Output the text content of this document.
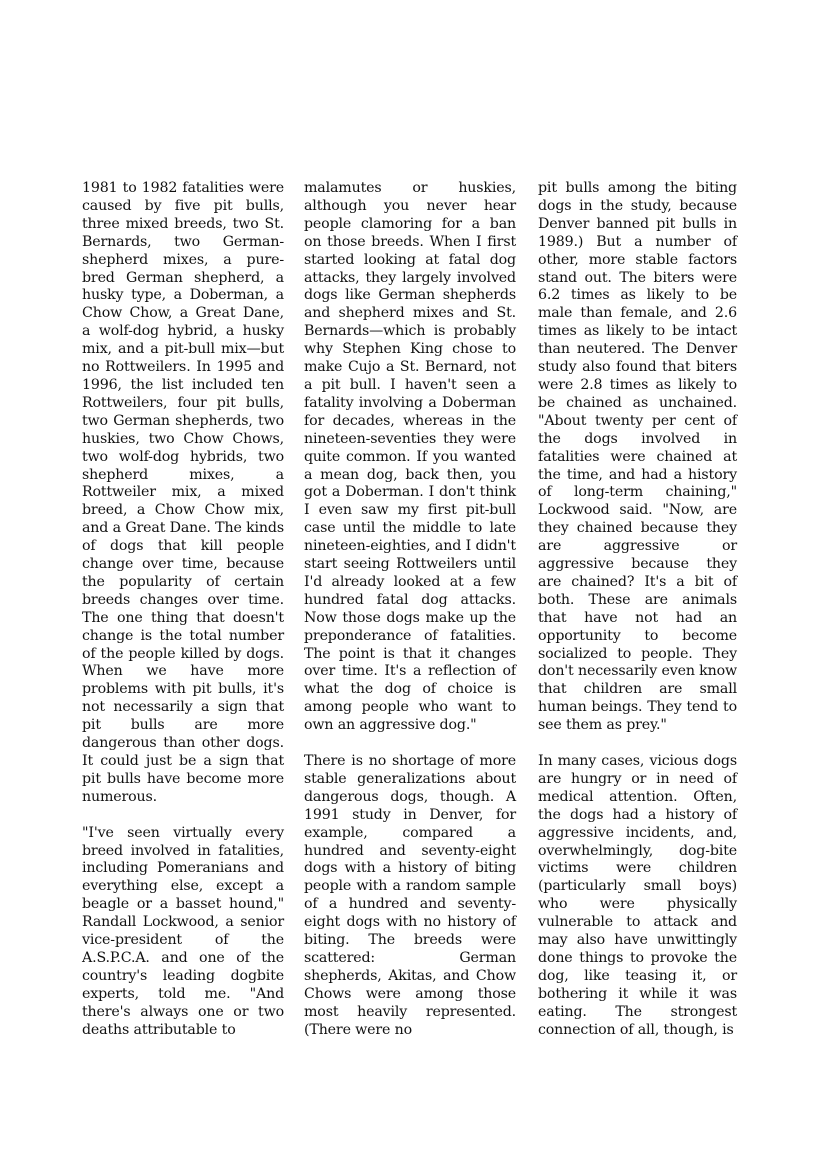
1981 to 1982 fatalities were caused by five pit bulls, three mixed breeds, two St. Bernards, two German-shepherd mixes, a pure-bred German shepherd, a husky type, a Doberman, a Chow Chow, a Great Dane, a wolf-dog hybrid, a husky mix, and a pit-bull mix—but no Rottweilers. In 1995 and 1996, the list included ten Rottweilers, four pit bulls, two German shepherds, two huskies, two Chow Chows, two wolf-dog hybrids, two shepherd mixes, a Rottweiler mix, a mixed breed, a Chow Chow mix, and a Great Dane. The kinds of dogs that kill people change over time, because the popularity of certain breeds changes over time. The one thing that doesn't change is the total number of the people killed by dogs. When we have more problems with pit bulls, it's not necessarily a sign that pit bulls are more dangerous than other dogs. It could just be a sign that pit bulls have become more numerous.

"I've seen virtually every breed involved in fatalities, including Pomeranians and everything else, except a beagle or a basset hound," Randall Lockwood, a senior vice-president of the A.S.P.C.A. and one of the country's leading dogbite experts, told me. "And there's always one or two deaths attributable to

malamutes or huskies, although you never hear people clamoring for a ban on those breeds. When I first started looking at fatal dog attacks, they largely involved dogs like German shepherds and shepherd mixes and St. Bernards—which is probably why Stephen King chose to make Cujo a St. Bernard, not a pit bull. I haven't seen a fatality involving a Doberman for decades, whereas in the nineteen-seventies they were quite common. If you wanted a mean dog, back then, you got a Doberman. I don't think I even saw my first pit-bull case until the middle to late nineteen-eighties, and I didn't start seeing Rottweilers until I'd already looked at a few hundred fatal dog attacks. Now those dogs make up the preponderance of fatalities. The point is that it changes over time. It's a reflection of what the dog of choice is among people who want to own an aggressive dog."

There is no shortage of more stable generalizations about dangerous dogs, though. A 1991 study in Denver, for example, compared a hundred and seventy-eight dogs with a history of biting people with a random sample of a hundred and seventy-eight dogs with no history of biting. The breeds were scattered: German shepherds, Akitas, and Chow Chows were among those most heavily represented. (There were no

pit bulls among the biting dogs in the study, because Denver banned pit bulls in 1989.) But a number of other, more stable factors stand out. The biters were 6.2 times as likely to be male than female, and 2.6 times as likely to be intact than neutered. The Denver study also found that biters were 2.8 times as likely to be chained as unchained. "About twenty per cent of the dogs involved in fatalities were chained at the time, and had a history of long-term chaining," Lockwood said. "Now, are they chained because they are aggressive or aggressive because they are chained? It's a bit of both. These are animals that have not had an opportunity to become socialized to people. They don't necessarily even know that children are small human beings. They tend to see them as prey."

In many cases, vicious dogs are hungry or in need of medical attention. Often, the dogs had a history of aggressive incidents, and, overwhelmingly, dog-bite victims were children (particularly small boys) who were physically vulnerable to attack and may also have unwittingly done things to provoke the dog, like teasing it, or bothering it while it was eating. The strongest connection of all, though, is
